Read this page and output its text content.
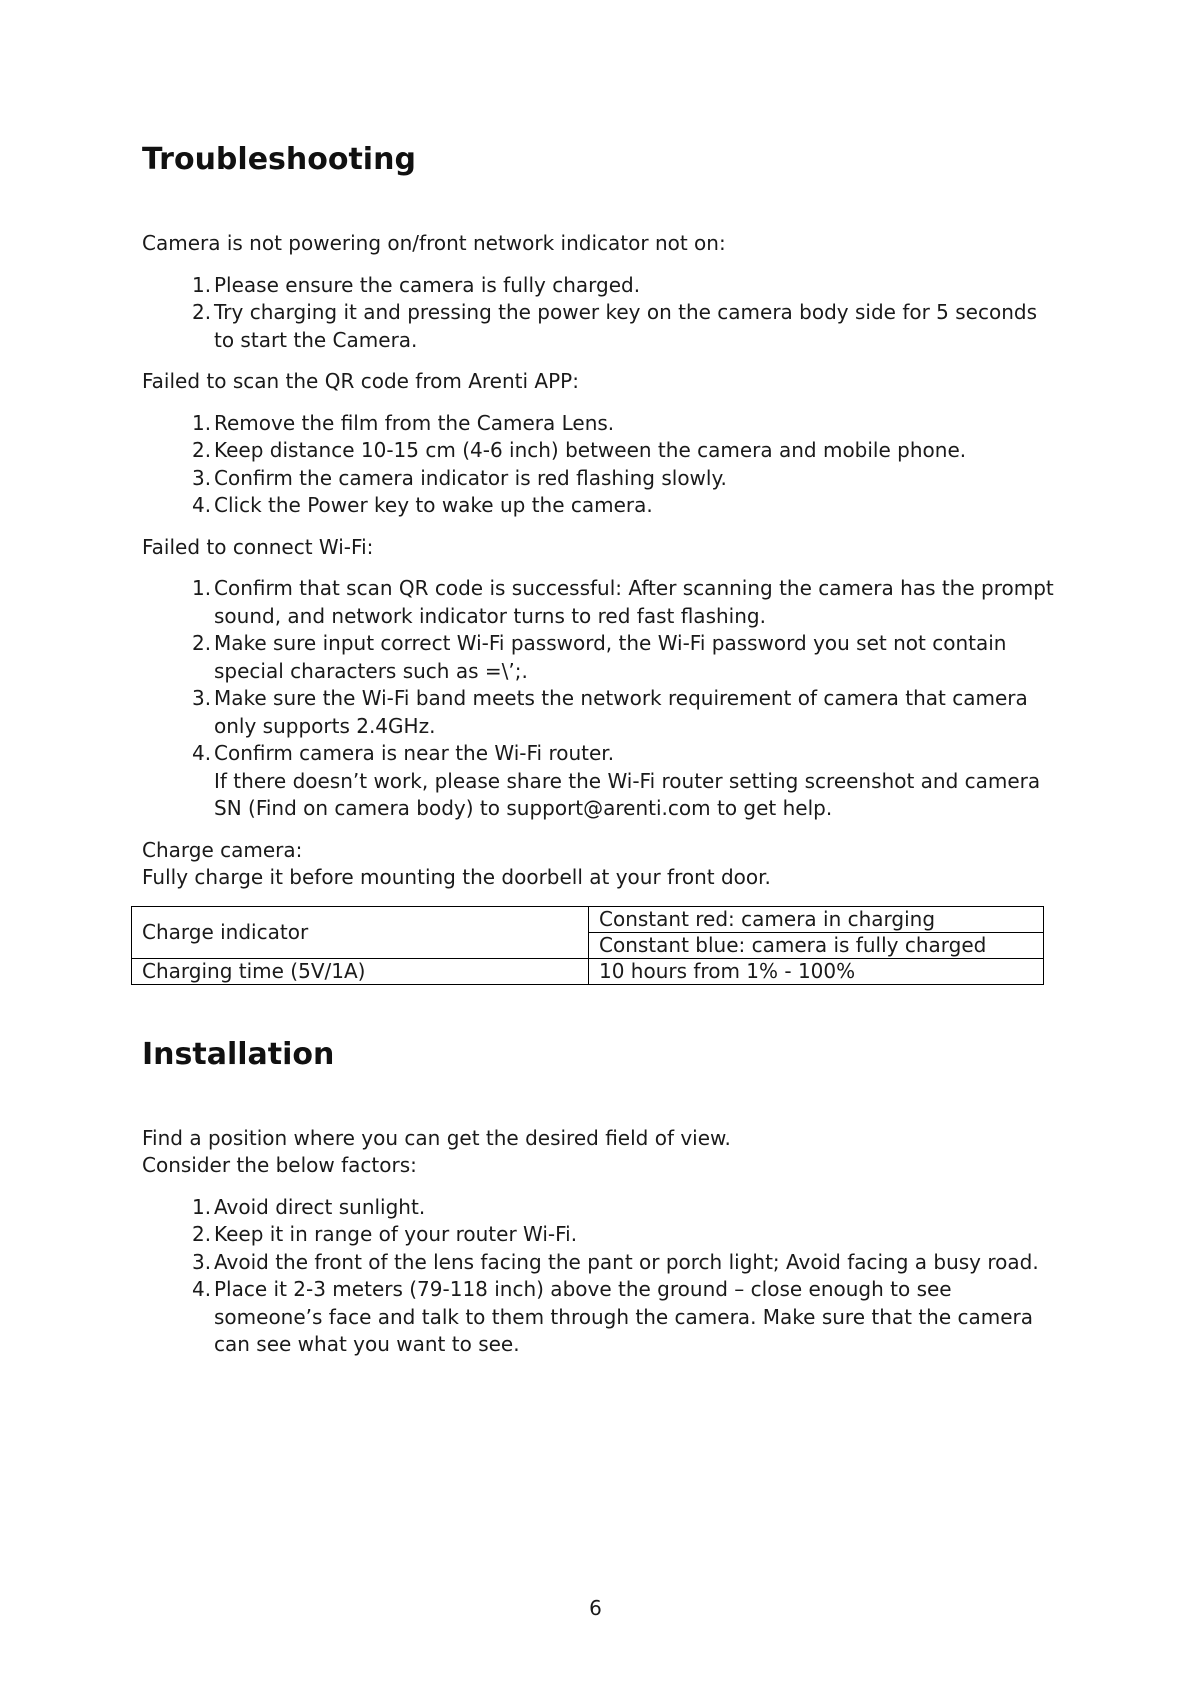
Troubleshooting

Camera is not powering on/front network indicator not on:

1. Please ensure the camera is fully charged.
2. Try charging it and pressing the power key on the camera body side for 5 seconds
to start the Camera.

Failed to scan the QR code from Arenti APP:

1. Remove the film from the Camera Lens.
2. Keep distance 10-15 cm (4-6 inch) between the camera and mobile phone.
3. Confirm the camera indicator is red flashing slowly.
4. Click the Power key to wake up the camera.

Failed to connect Wi-Fi:

1. Confirm that scan QR code is successful: After scanning the camera has the prompt
sound, and network indicator turns to red fast flashing.
2. Make sure input correct Wi-Fi password, the Wi-Fi password you set not contain
special characters such as =\’;.
3. Make sure the Wi-Fi band meets the network requirement of camera that camera
only supports 2.4GHz.
4. Confirm camera is near the Wi-Fi router.
If there doesn’t work, please share the Wi-Fi router setting screenshot and camera
SN (Find on camera body) to support@arenti.com to get help.

Charge camera:

Fully charge it before mounting the doorbell at your front door.

Charge indicator	Constant red: camera in charging
	Constant blue: camera is fully charged
Charging time (5V/1A)	10 hours from 1% - 100%
Installation

Find a position where you can get the desired field of view.

Consider the below factors:

1. Avoid direct sunlight.
2. Keep it in range of your router Wi-Fi.
3. Avoid the front of the lens facing the pant or porch light; Avoid facing a busy road.
4. Place it 2-3 meters (79-118 inch) above the ground – close enough to see
someone’s face and talk to them through the camera. Make sure that the camera
can see what you want to see.
6
